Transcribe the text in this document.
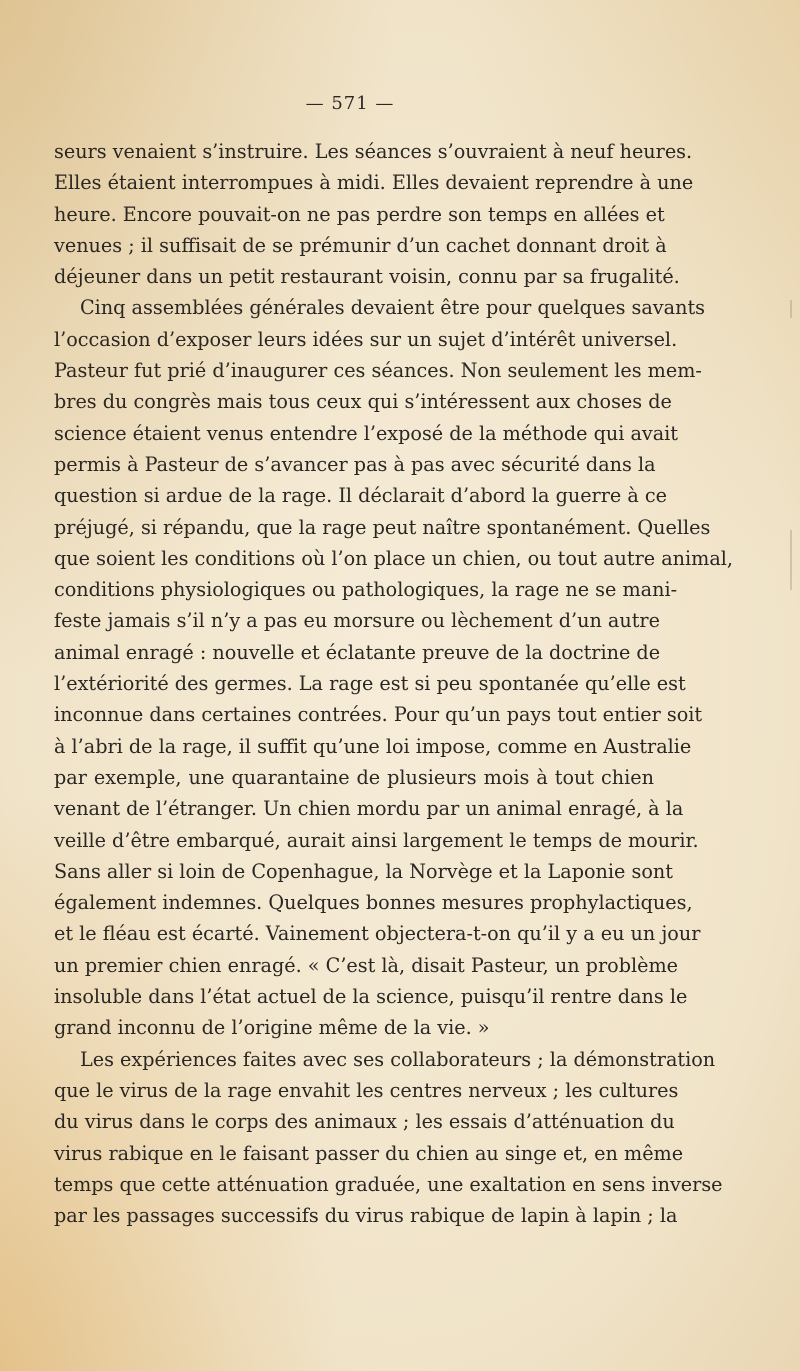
— 571 —
seurs venaient s’instruire. Les séances s’ouvraient à neuf heures.
Elles étaient interrompues à midi. Elles devaient reprendre à une
heure. Encore pouvait-on ne pas perdre son temps en allées et
venues ; il suffisait de se prémunir d’un cachet donnant droit à
déjeuner dans un petit restaurant voisin, connu par sa frugalité.
Cinq assemblées générales devaient être pour quelques savants
l’occasion d’exposer leurs idées sur un sujet d’intérêt universel.
Pasteur fut prié d’inaugurer ces séances. Non seulement les mem-
bres du congrès mais tous ceux qui s’intéressent aux choses de
science étaient venus entendre l’exposé de la méthode qui avait
permis à Pasteur de s’avancer pas à pas avec sécurité dans la
question si ardue de la rage. Il déclarait d’abord la guerre à ce
préjugé, si répandu, que la rage peut naître spontanément. Quelles
que soient les conditions où l’on place un chien, ou tout autre animal,
conditions physiologiques ou pathologiques, la rage ne se mani-
feste jamais s’il n’y a pas eu morsure ou lèchement d’un autre
animal enragé : nouvelle et éclatante preuve de la doctrine de
l’extériorité des germes. La rage est si peu spontanée qu’elle est
inconnue dans certaines contrées. Pour qu’un pays tout entier soit
à l’abri de la rage, il suffit qu’une loi impose, comme en Australie
par exemple, une quarantaine de plusieurs mois à tout chien
venant de l’étranger. Un chien mordu par un animal enragé, à la
veille d’être embarqué, aurait ainsi largement le temps de mourir.
Sans aller si loin de Copenhague, la Norvège et la Laponie sont
également indemnes. Quelques bonnes mesures prophylactiques,
et le fléau est écarté. Vainement objectera-t-on qu’il y a eu un jour
un premier chien enragé. « C’est là, disait Pasteur, un problème
insoluble dans l’état actuel de la science, puisqu’il rentre dans le
grand inconnu de l’origine même de la vie. »
Les expériences faites avec ses collaborateurs ; la démonstration
que le virus de la rage envahit les centres nerveux ; les cultures
du virus dans le corps des animaux ; les essais d’atténuation du
virus rabique en le faisant passer du chien au singe et, en même
temps que cette atténuation graduée, une exaltation en sens inverse
par les passages successifs du virus rabique de lapin à lapin ; la
